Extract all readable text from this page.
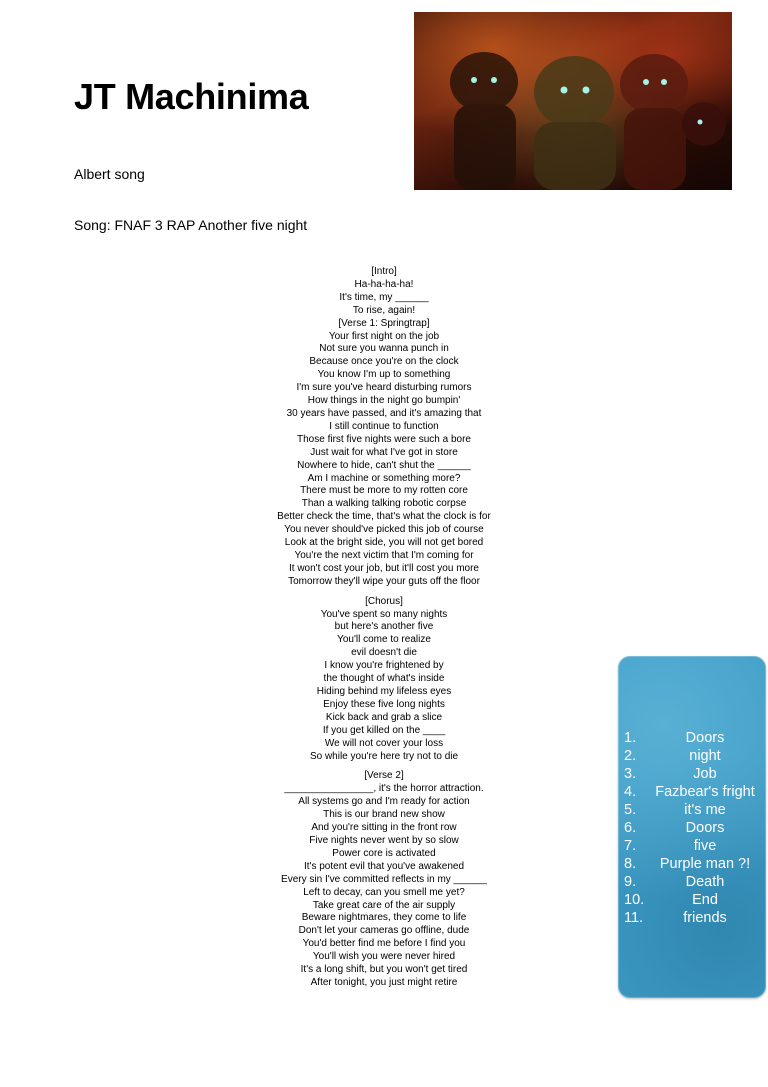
JT Machinima

Albert song

Song: FNAF 3 RAP Another five night

[Intro]
Ha-ha-ha-ha!
It's time, my ______
To rise, again!
[Verse 1: Springtrap]
Your first night on the job
Not sure you wanna punch in
Because once you're on the clock
You know I'm up to something
I'm sure you've heard disturbing rumors
How things in the night go bumpin'
30 years have passed, and it's amazing that
I still continue to function
Those first five nights were such a bore
Just wait for what I've got in store
Nowhere to hide, can't shut the ______
Am I machine or something more?
There must be more to my rotten core
Than a walking talking robotic corpse
Better check the time, that's what the clock is for
You never should've picked this job of course
Look at the bright side, you will not get bored
You're the next victim that I'm coming for
It won't cost your job, but it'll cost you more
Tomorrow they'll wipe your guts off the floor
[Chorus]
You've spent so many nights
but here's another five
You'll come to realize
evil doesn't die
I know you're frightened by
the thought of what's inside
Hiding behind my lifeless eyes
Enjoy these five long nights
Kick back and grab a slice
If you get killed on the ____
We will not cover your loss
So while you're here try not to die
[Verse 2]
________________, it's the horror attraction.
All systems go and I'm ready for action
This is our brand new show
And you're sitting in the front row
Five nights never went by so slow
Power core is activated
It's potent evil that you've awakened
Every sin I've committed reflects in my ______
Left to decay, can you smell me yet?
Take great care of the air supply
Beware nightmares, they come to life
Don't let your cameras go offline, dude
You'd better find me before I find you
You'll wish you were never hired
It's a long shift, but you won't get tired
After tonight, you just might retire
1.	Doors
2.	night
3.	Job
4.	Fazbear's fright
5.	it's me
6.	Doors
7.	five
8.	Purple man ?!
9.	Death
10.	End
11.	friends
